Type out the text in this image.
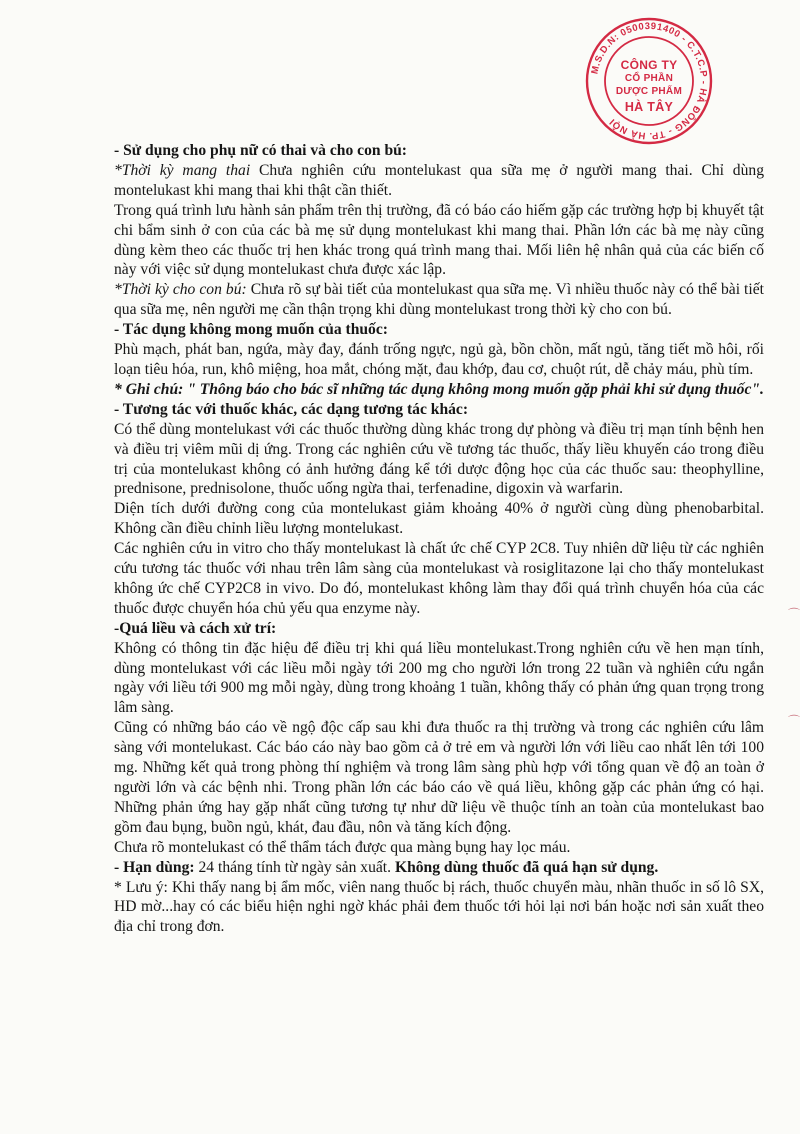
M.S.D.N: 0500391400 - C.T.C.P - HÀ ĐÔNG - TP. HÀ NỘI
CÔNG TY
CỔ PHẦN
DƯỢC PHẨM
HÀ TÂY
⌒
⌒

- Sử dụng cho phụ nữ có thai và cho con bú:

*Thời kỳ mang thai Chưa nghiên cứu montelukast qua sữa mẹ ở người mang thai. Chỉ dùng montelukast khi mang thai khi thật cần thiết.

Trong quá trình lưu hành sản phẩm trên thị trường, đã có báo cáo hiếm gặp các trường hợp bị khuyết tật chi bẩm sinh ở con của các bà mẹ sử dụng montelukast khi mang thai. Phần lớn các bà mẹ này cũng dùng kèm theo các thuốc trị hen khác trong quá trình mang thai. Mối liên hệ nhân quả của các biến cố này với việc sử dụng montelukast chưa được xác lập.

*Thời kỳ cho con bú: Chưa rõ sự bài tiết của montelukast qua sữa mẹ. Vì nhiều thuốc này có thể bài tiết qua sữa mẹ, nên người mẹ cần thận trọng khi dùng montelukast trong thời kỳ cho con bú.

- Tác dụng không mong muốn của thuốc:

Phù mạch, phát ban, ngứa, mày đay, đánh trống ngực, ngủ gà, bồn chồn, mất ngủ, tăng tiết mồ hôi, rối loạn tiêu hóa, run, khô miệng, hoa mắt, chóng mặt, đau khớp, đau cơ, chuột rút, dễ chảy máu, phù tím.

* Ghi chú: " Thông báo cho bác sĩ những tác dụng không mong muốn gặp phải khi sử dụng thuốc".

- Tương tác với thuốc khác, các dạng tương tác khác:

Có thể dùng montelukast với các thuốc thường dùng khác trong dự phòng và điều trị mạn tính bệnh hen và điều trị viêm mũi dị ứng. Trong các nghiên cứu về tương tác thuốc, thấy liều khuyến cáo trong điều trị của montelukast không có ảnh hưởng đáng kể tới dược động học của các thuốc sau: theophylline, prednisone, prednisolone, thuốc uống ngừa thai, terfenadine, digoxin và warfarin.

Diện tích dưới đường cong của montelukast giảm khoảng 40% ở người cùng dùng phenobarbital. Không cần điều chỉnh liều lượng montelukast.

Các nghiên cứu in vitro cho thấy montelukast là chất ức chế CYP 2C8. Tuy nhiên dữ liệu từ các nghiên cứu tương tác thuốc với nhau trên lâm sàng của montelukast và rosiglitazone lại cho thấy montelukast không ức chế CYP2C8 in vivo. Do đó, montelukast không làm thay đổi quá trình chuyển hóa của các thuốc được chuyển hóa chủ yếu qua enzyme này.

-Quá liều và cách xử trí:

Không có thông tin đặc hiệu để điều trị khi quá liều montelukast.Trong nghiên cứu về hen mạn tính, dùng montelukast với các liều mỗi ngày tới 200 mg cho người lớn trong 22 tuần và nghiên cứu ngắn ngày với liều tới 900 mg mỗi ngày, dùng trong khoảng 1 tuần, không thấy có phản ứng quan trọng trong lâm sàng.

Cũng có những báo cáo về ngộ độc cấp sau khi đưa thuốc ra thị trường và trong các nghiên cứu lâm sàng với montelukast. Các báo cáo này bao gồm cả ở trẻ em và người lớn với liều cao nhất lên tới 100 mg. Những kết quả trong phòng thí nghiệm và trong lâm sàng phù hợp với tổng quan về độ an toàn ở người lớn và các bệnh nhi. Trong phần lớn các báo cáo về quá liều, không gặp các phản ứng có hại. Những phản ứng hay gặp nhất cũng tương tự như dữ liệu về thuộc tính an toàn của montelukast bao gồm đau bụng, buồn ngủ, khát, đau đầu, nôn và tăng kích động.

Chưa rõ montelukast có thể thẩm tách được qua màng bụng hay lọc máu.

- Hạn dùng: 24 tháng tính từ ngày sản xuất. Không dùng thuốc đã quá hạn sử dụng.

* Lưu ý: Khi thấy nang bị ẩm mốc, viên nang thuốc bị rách, thuốc chuyển màu, nhãn thuốc in số lô SX, HD mờ...hay có các biểu hiện nghi ngờ khác phải đem thuốc tới hỏi lại nơi bán hoặc nơi sản xuất theo địa chỉ trong đơn.
